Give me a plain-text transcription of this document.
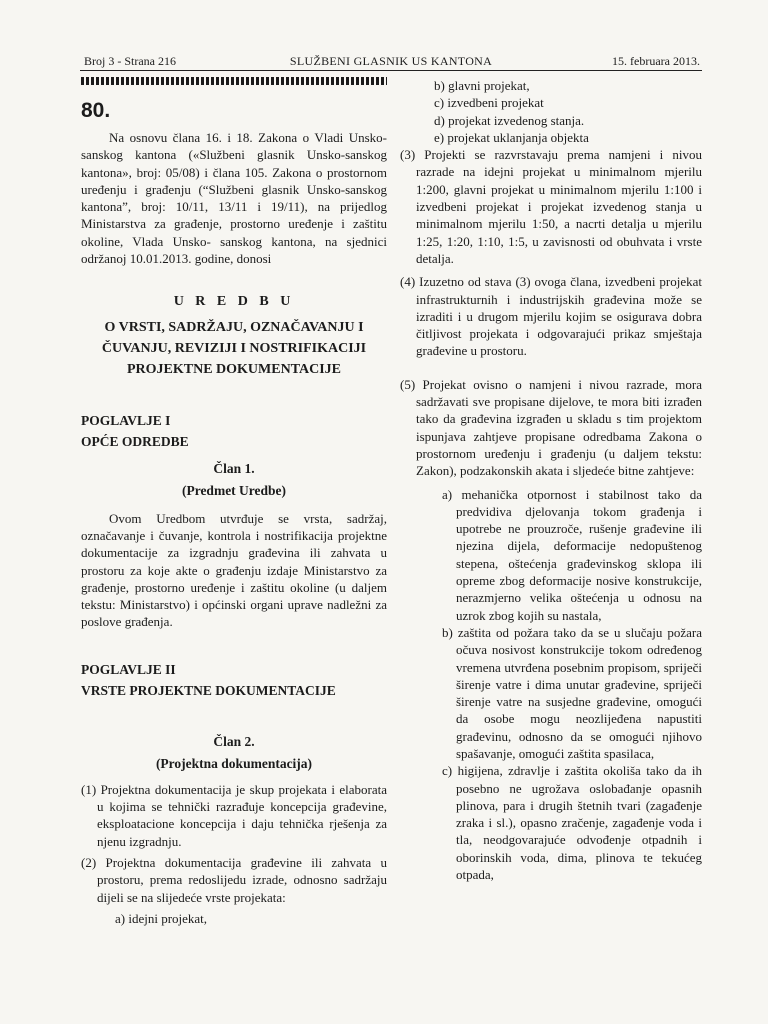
Broj 3 - Strana 216	SLUŽBENI GLASNIK US KANTONA	15. februara 2013.

80.

Na osnovu člana 16. i 18. Zakona o Vladi Unsko-sanskog kantona («Službeni glasnik Unsko-sanskog kantona», broj: 05/08) i člana 105. Zakona o prostornom uređenju i građenju (“Službeni glasnik Unsko-sanskog kantona”, broj: 10/11, 13/11 i 19/11), na prijedlog Ministarstva za građenje, prostorno uređenje i zaštitu okoline, Vlada Unsko- sanskog kantona, na sjednici održanoj 10.01.2013. godine, donosi

U R E D B U

O VRSTI, SADRŽAJU, OZNAČAVANJU I ČUVANJU, REVIZIJI I NOSTRIFIKACIJI PROJEKTNE DOKUMENTACIJE

POGLAVLJE I

OPĆE ODREDBE

Član 1.

(Predmet Uredbe)

Ovom Uredbom utvrđuje se vrsta, sadržaj, označavanje i čuvanje, kontrola i nostrifikacija projektne dokumentacije za izgradnju građevina ili zahvata u prostoru za koje akte o građenju izdaje Ministarstvo za građenje, prostorno uređenje i zaštitu okoline (u daljem tekstu: Ministarstvo) i općinski organi uprave nadležni za poslove građenja.

POGLAVLJE II

VRSTE PROJEKTNE DOKUMENTACIJE

Član 2.

(Projektna dokumentacija)

(1) Projektna dokumentacija je skup projekata i elaborata u kojima se tehnički razrađuje koncepcija građevine, eksploatacione koncepcija i daju tehnička rješenja za njenu izgradnju.

(2) Projektna dokumentacija građevine ili zahvata u prostoru, prema redoslijedu izrade, odnosno sadržaju dijeli se na slijedeće vrste projekata:

a) idejni projekat,

b) glavni projekat,

c) izvedbeni projekat

d) projekat izvedenog stanja.

e) projekat uklanjanja objekta

(3) Projekti se razvrstavaju prema namjeni i nivou razrade na idejni projekat u minimalnom mjerilu 1:200, glavni projekat u minimalnom mjerilu 1:100 i izvedbeni projekat i projekat izvedenog stanja u minimalnom mjerilu 1:50, a nacrti detalja u mjerilu 1:25, 1:20, 1:10, 1:5, u zavisnosti od obuhvata i vrste detalja.

(4) Izuzetno od stava (3) ovoga člana, izvedbeni projekat infrastrukturnih i industrijskih građevina može se izraditi i u drugom mjerilu kojim se osigurava dobra čitljivost projekata i odgovarajući prikaz smještaja građevine u prostoru.

(5) Projekat ovisno o namjeni i nivou razrade, mora sadržavati sve propisane dijelove, te mora biti izrađen tako da građevina izgrađen u skladu s tim projektom ispunjava zahtjeve propisane odredbama Zakona o prostornom uređenju i građenju (u daljem tekstu: Zakon), podzakonskih akata i sljedeće bitne zahtjeve:

a) mehanička otpornost i stabilnost tako da predvidiva djelovanja tokom građenja i upotrebe ne prouzroče, rušenje građevine ili njezina dijela, deformacije nedopuštenog stepena, oštećenja građevinskog sklopa ili opreme zbog deformacije nosive konstrukcije, nerazmjerno velika oštećenja u odnosu na uzrok zbog kojih su nastala,

b) zaštita od požara tako da se u slučaju požara očuva nosivost konstrukcije tokom određenog vremena utvrđena posebnim propisom, spriječi širenje vatre i dima unutar građevine, spriječi širenje vatre na susjedne građevine, omogući da osobe mogu neozlijeđena napustiti građevinu, odnosno da se omogući njihovo spašavanje, omogući zaštita spasilaca,

c) higijena, zdravlje i zaštita okoliša tako da ih posebno ne ugrožava oslobađanje opasnih plinova, para i drugih štetnih tvari (zagađenje zraka i sl.), opasno zračenje, zagađenje voda i tla, neodgovarajuće odvođenje otpadnih i oborinskih voda, dima, plinova te tekućeg otpada,
